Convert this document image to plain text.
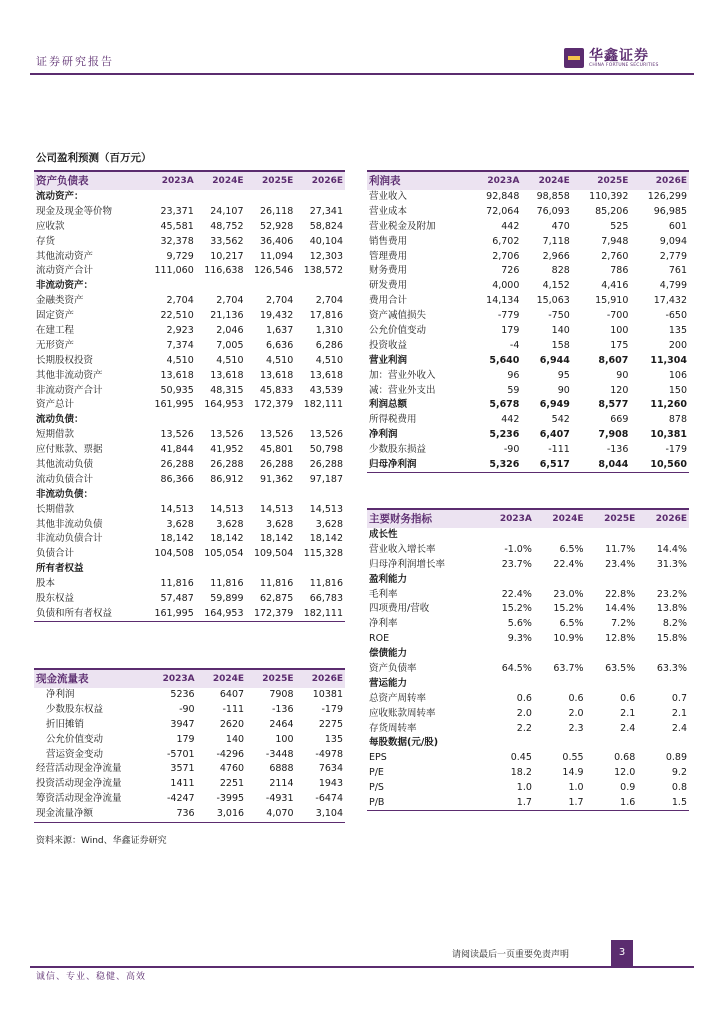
证券研究报告	华鑫证券
CHINA FORTUNE SECURITIES
公司盈利预测（百万元）
资产负债表	2023A	2024E	2025E	2026E
流动资产：				
现金及现金等价物	23,371	24,107	26,118	27,341
应收款	45,581	48,752	52,928	58,824
存货	32,378	33,562	36,406	40,104
其他流动资产	9,729	10,217	11,094	12,303
流动资产合计	111,060	116,638	126,546	138,572
非流动资产：				
金融类资产	2,704	2,704	2,704	2,704
固定资产	22,510	21,136	19,432	17,816
在建工程	2,923	2,046	1,637	1,310
无形资产	7,374	7,005	6,636	6,286
长期股权投资	4,510	4,510	4,510	4,510
其他非流动资产	13,618	13,618	13,618	13,618
非流动资产合计	50,935	48,315	45,833	43,539
资产总计	161,995	164,953	172,379	182,111
流动负债：				
短期借款	13,526	13,526	13,526	13,526
应付账款、票据	41,844	41,952	45,801	50,798
其他流动负债	26,288	26,288	26,288	26,288
流动负债合计	86,366	86,912	91,362	97,187
非流动负债：				
长期借款	14,513	14,513	14,513	14,513
其他非流动负债	3,628	3,628	3,628	3,628
非流动负债合计	18,142	18,142	18,142	18,142
负债合计	104,508	105,054	109,504	115,328
所有者权益				
股本	11,816	11,816	11,816	11,816
股东权益	57,487	59,899	62,875	66,783
负债和所有者权益	161,995	164,953	172,379	182,111
现金流量表	2023A	2024E	2025E	2026E
净利润	5236	6407	7908	10381
少数股东权益	-90	-111	-136	-179
折旧摊销	3947	2620	2464	2275
公允价值变动	179	140	100	135
营运资金变动	-5701	-4296	-3448	-4978
经营活动现金净流量	3571	4760	6888	7634
投资活动现金净流量	1411	2251	2114	1943
筹资活动现金净流量	-4247	-3995	-4931	-6474
现金流量净额	736	3,016	4,070	3,104
利润表	2023A	2024E	2025E	2026E
营业收入	92,848	98,858	110,392	126,299
营业成本	72,064	76,093	85,206	96,985
营业税金及附加	442	470	525	601
销售费用	6,702	7,118	7,948	9,094
管理费用	2,706	2,966	2,760	2,779
财务费用	726	828	786	761
研发费用	4,000	4,152	4,416	4,799
费用合计	14,134	15,063	15,910	17,432
资产减值损失	-779	-750	-700	-650
公允价值变动	179	140	100	135
投资收益	-4	158	175	200
营业利润	5,640	6,944	8,607	11,304
加：营业外收入	96	95	90	106
减：营业外支出	59	90	120	150
利润总额	5,678	6,949	8,577	11,260
所得税费用	442	542	669	878
净利润	5,236	6,407	7,908	10,381
少数股东损益	-90	-111	-136	-179
归母净利润	5,326	6,517	8,044	10,560
主要财务指标	2023A	2024E	2025E	2026E
成长性				
营业收入增长率	-1.0%	6.5%	11.7%	14.4%
归母净利润增长率	23.7%	22.4%	23.4%	31.3%
盈利能力				
毛利率	22.4%	23.0%	22.8%	23.2%
四项费用/营收	15.2%	15.2%	14.4%	13.8%
净利率	5.6%	6.5%	7.2%	8.2%
ROE	9.3%	10.9%	12.8%	15.8%
偿债能力				
资产负债率	64.5%	63.7%	63.5%	63.3%
营运能力				
总资产周转率	0.6	0.6	0.6	0.7
应收账款周转率	2.0	2.0	2.1	2.1
存货周转率	2.2	2.3	2.4	2.4
每股数据(元/股)				
EPS	0.45	0.55	0.68	0.89
P/E	18.2	14.9	12.0	9.2
P/S	1.0	1.0	0.9	0.8
P/B	1.7	1.7	1.6	1.5
资料来源：Wind、华鑫证券研究
请阅读最后一页重要免责声明	3
诚信、专业、稳健、高效
